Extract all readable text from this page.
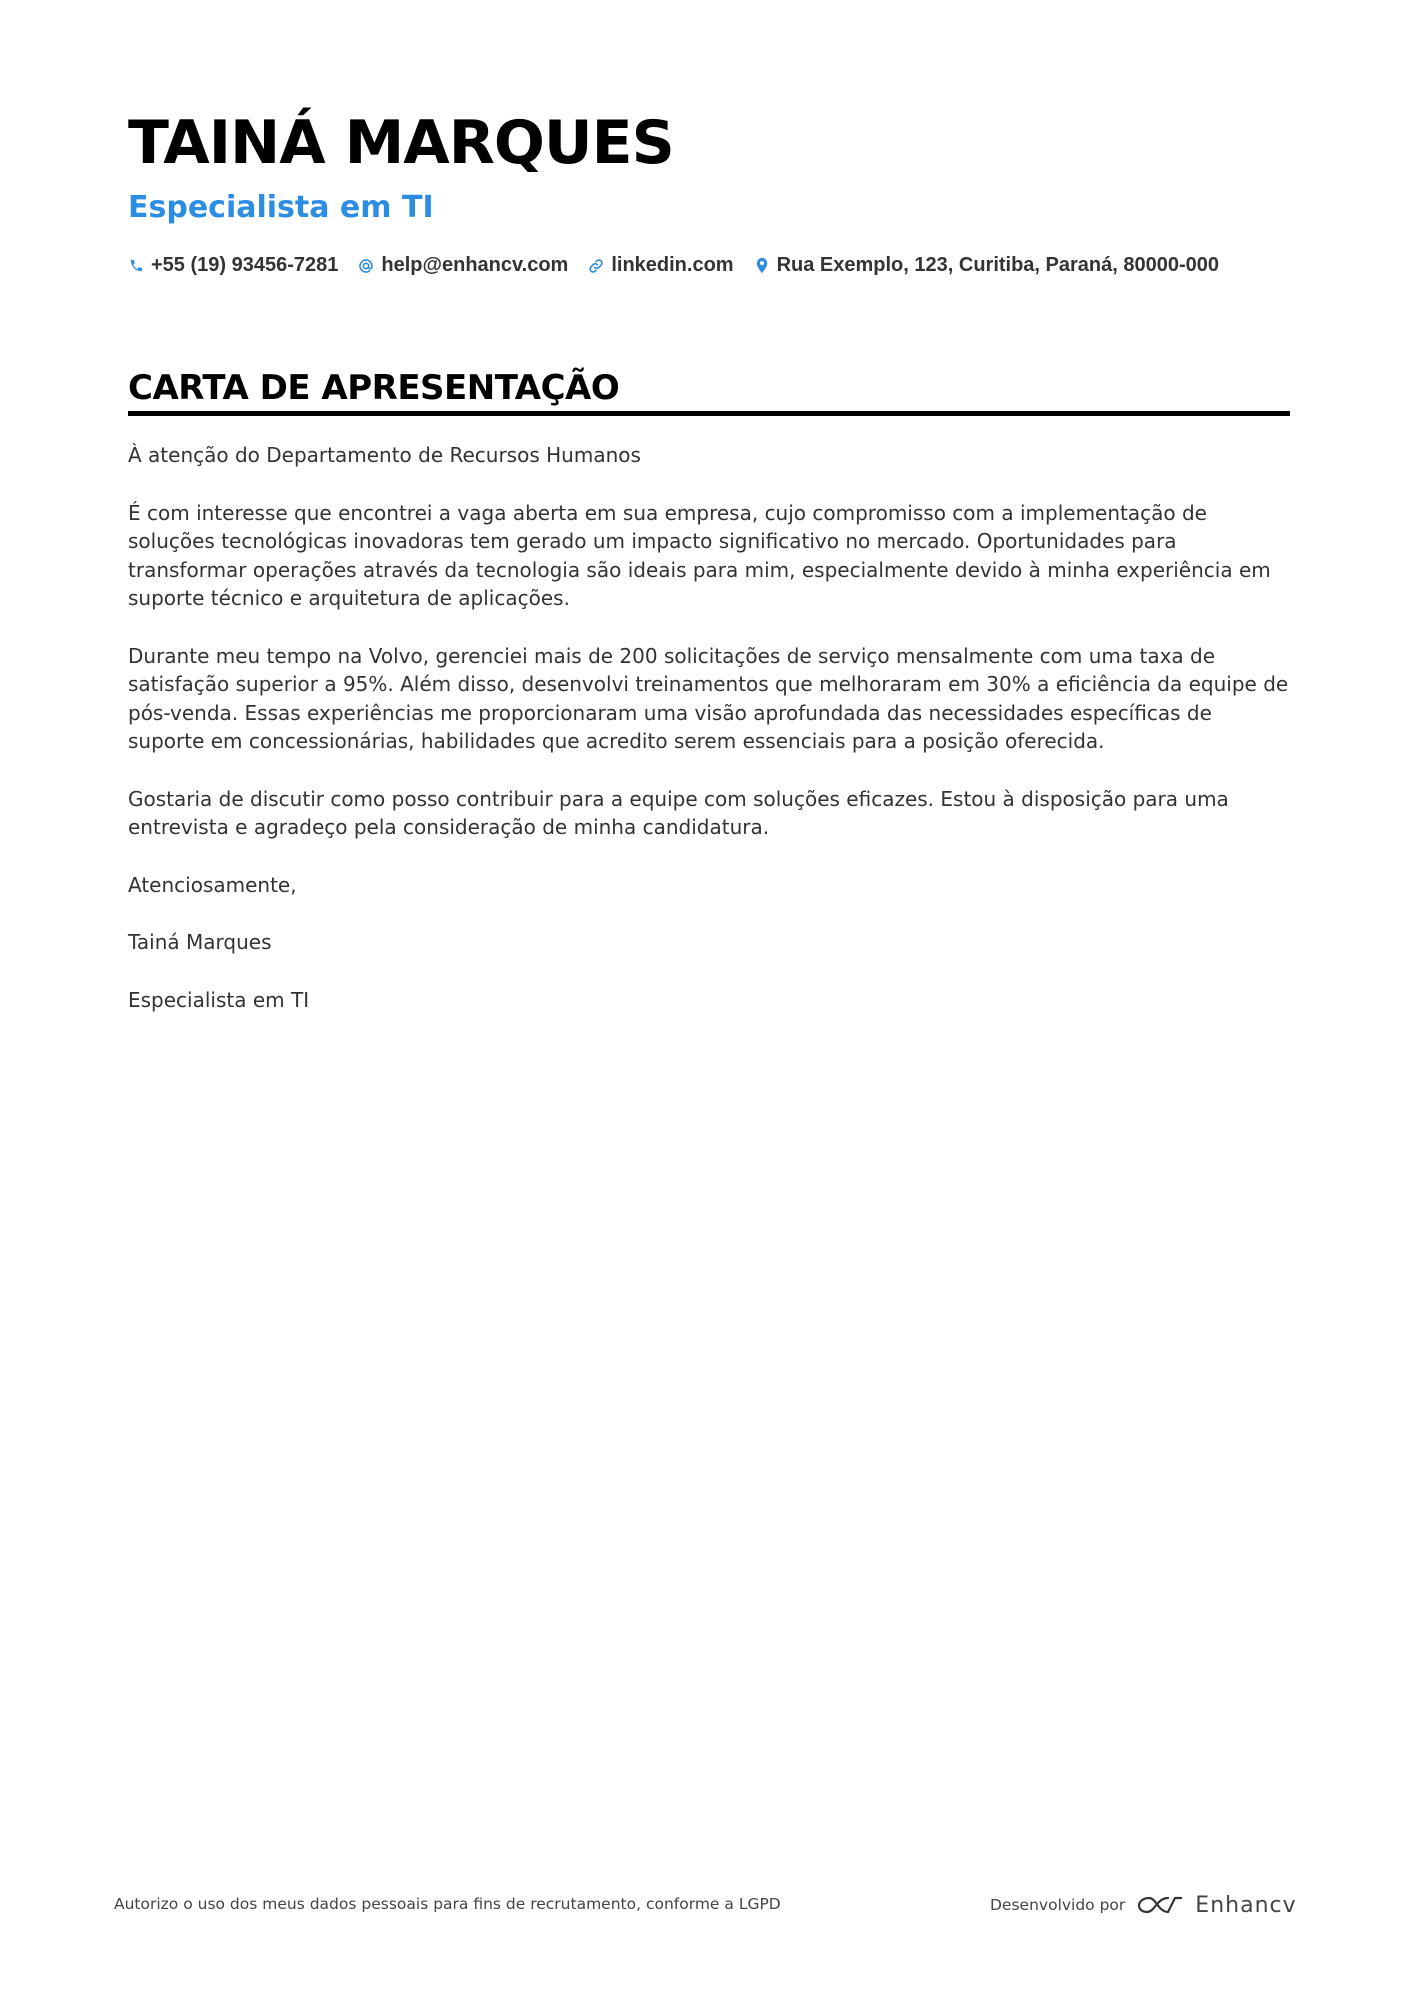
TAINÁ MARQUES
Especialista em TI
+55 (19) 93456-7281 help@enhancv.com linkedin.com Rua Exemplo, 123, Curitiba, Paraná, 80000-000
CARTA DE APRESENTAÇÃO

À atenção do Departamento de Recursos Humanos

É com interesse que encontrei a vaga aberta em sua empresa, cujo compromisso com a implementação de soluções tecnológicas inovadoras tem gerado um impacto significativo no mercado. Oportunidades para transformar operações através da tecnologia são ideais para mim, especialmente devido à minha experiência em suporte técnico e arquitetura de aplicações.

Durante meu tempo na Volvo, gerenciei mais de 200 solicitações de serviço mensalmente com uma taxa de satisfação superior a 95%. Além disso, desenvolvi treinamentos que melhoraram em 30% a eficiência da equipe de pós-venda. Essas experiências me proporcionaram uma visão aprofundada das necessidades específicas de suporte em concessionárias, habilidades que acredito serem essenciais para a posição oferecida.

Gostaria de discutir como posso contribuir para a equipe com soluções eficazes. Estou à disposição para uma entrevista e agradeço pela consideração de minha candidatura.

Atenciosamente,

Tainá Marques

Especialista em TI

Autorizo o uso dos meus dados pessoais para fins de recrutamento, conforme a LGPD	Desenvolvido por	Enhancv
